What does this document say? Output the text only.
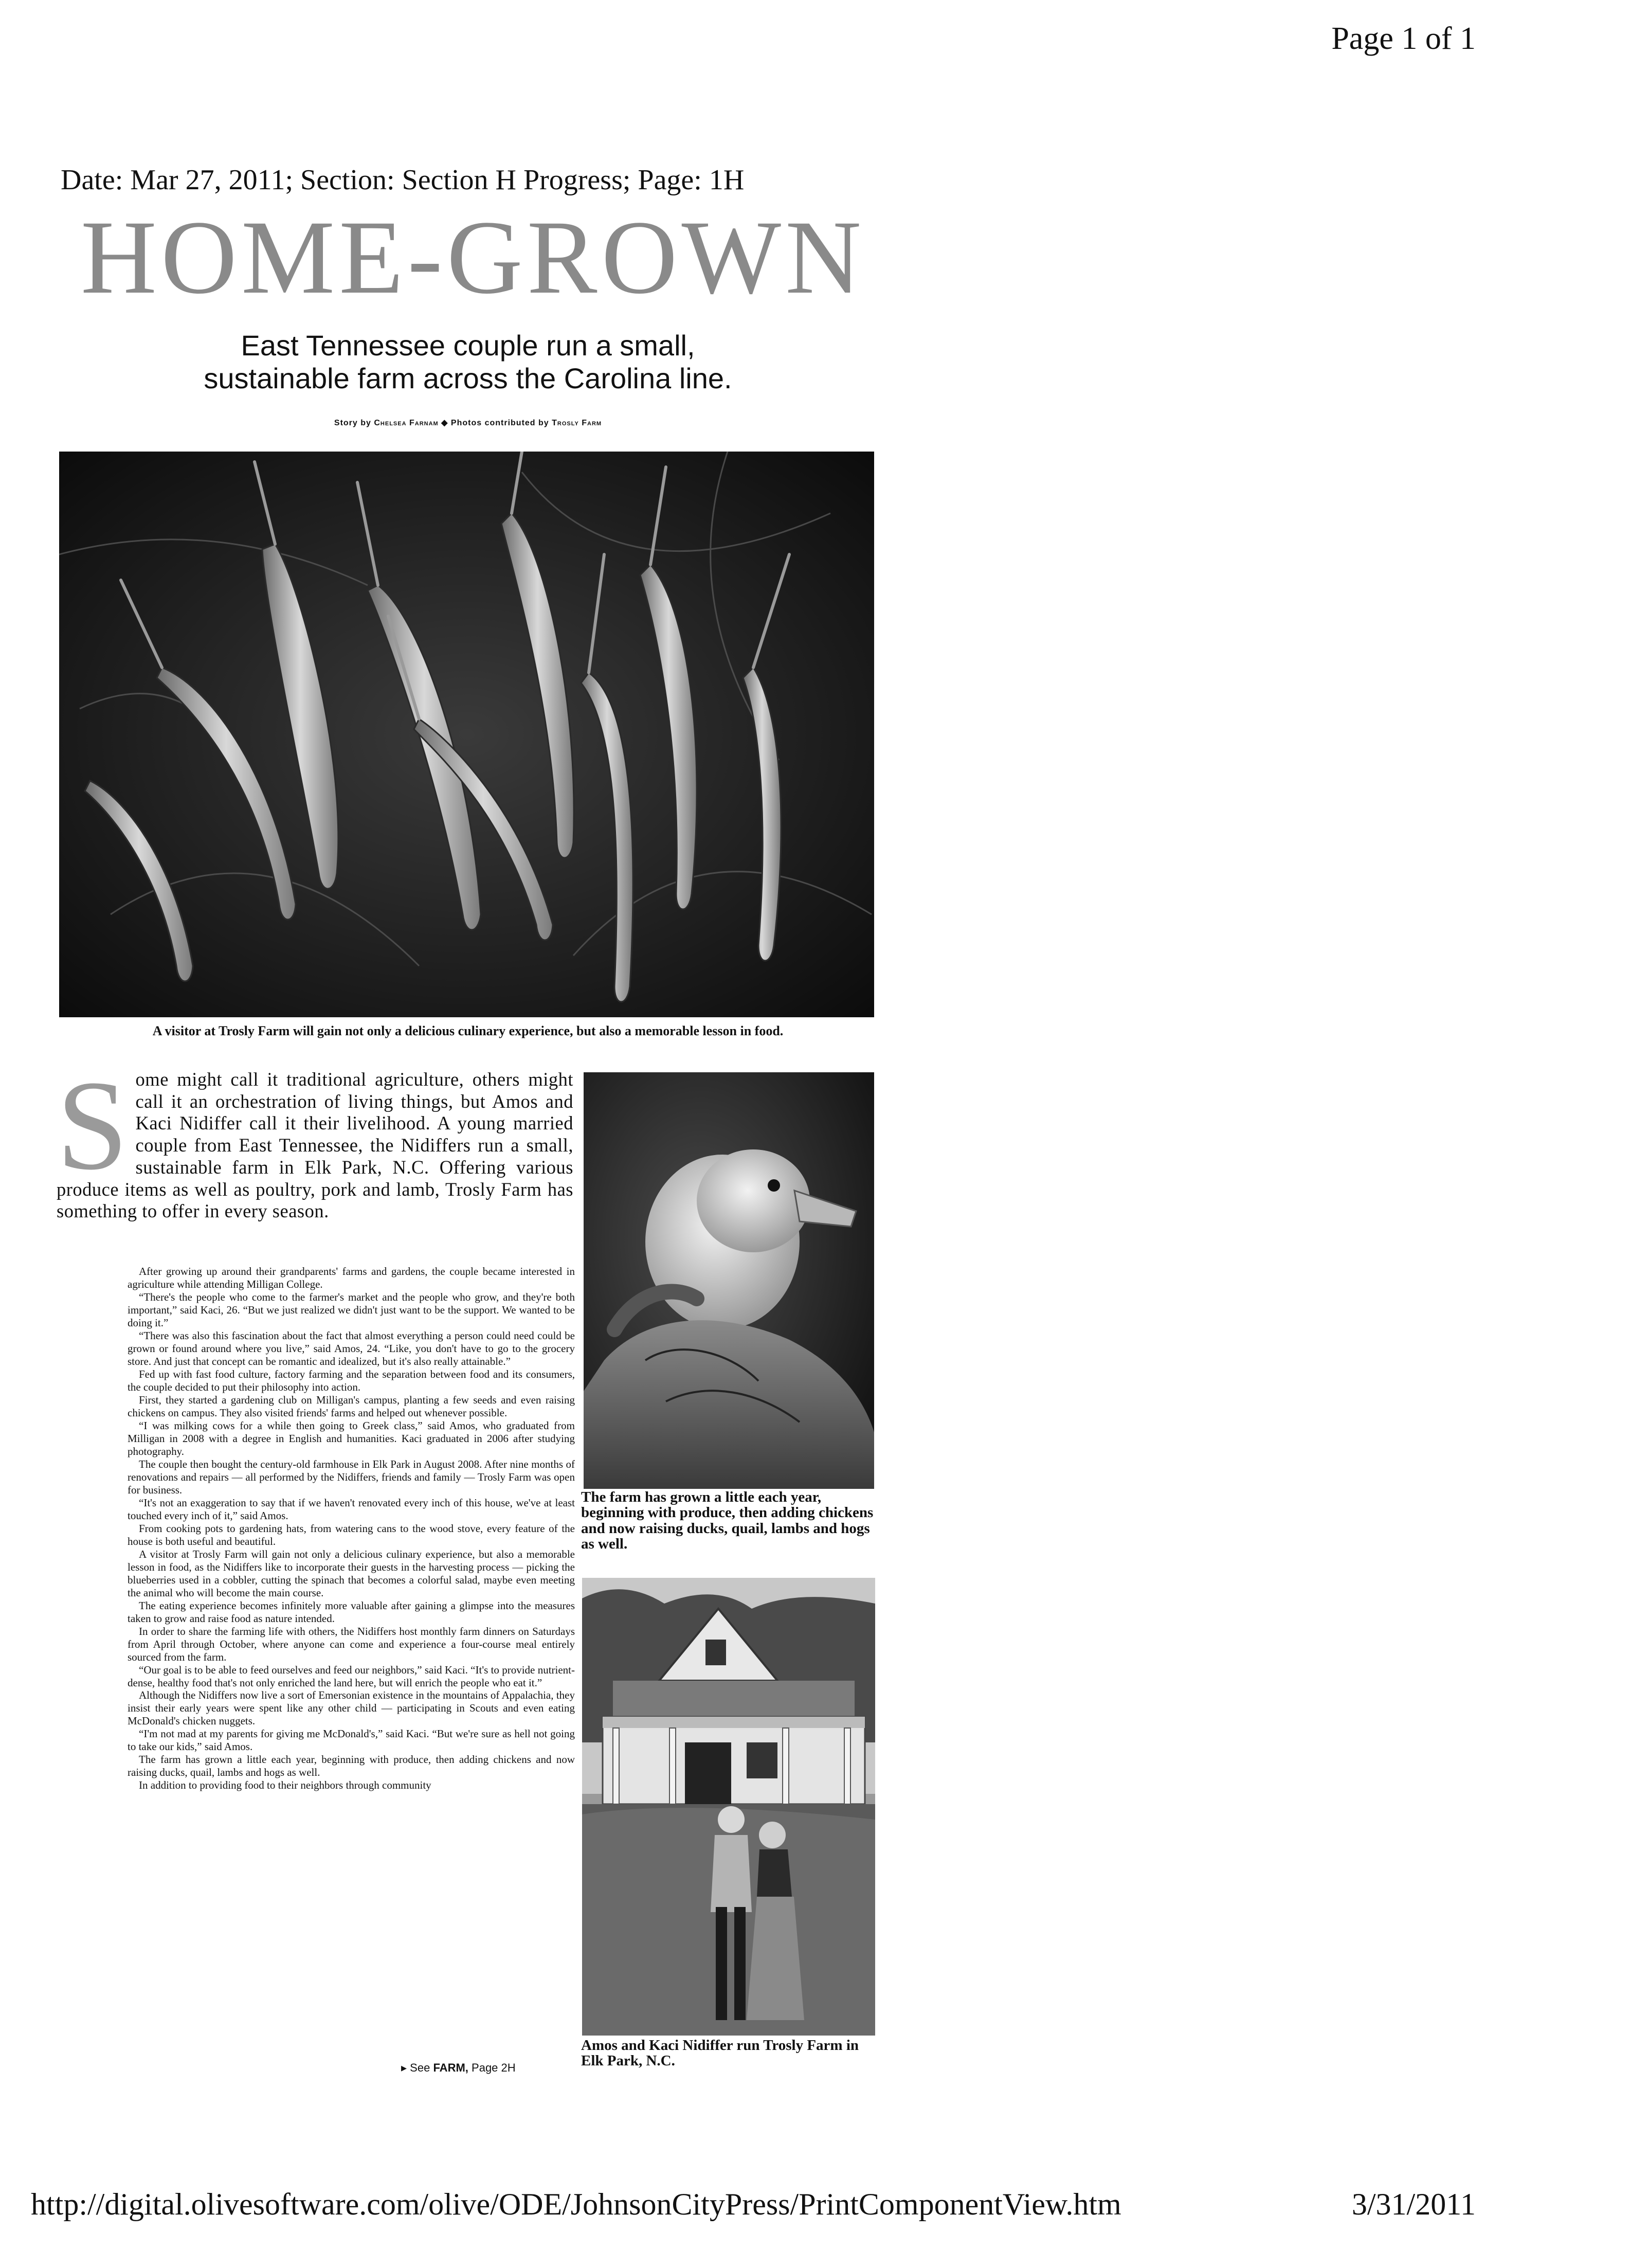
Page 1 of 1
Date: Mar 27, 2011; Section: Section H Progress; Page: 1H
HOME-GROWN
East Tennessee couple run a small,
sustainable farm across the Carolina line.
Story by Chelsea Farnam ◆ Photos contributed by Trosly Farm
A visitor at Trosly Farm will gain not only a delicious culinary experience, but also a memorable lesson in food.
Some might call it traditional agriculture, others might call it an orchestration of living things, but Amos and Kaci Nidiffer call it their livelihood. A young married couple from East Tennessee, the Nidiffers run a small, sustainable farm in Elk Park, N.C. Offering various produce items as well as poultry, pork and lamb, Trosly Farm has something to offer in every season.

After growing up around their grandparents' farms and gardens, the couple became interested in agriculture while attending Milligan College.

“There's the people who come to the farmer's market and the people who grow, and they're both important,” said Kaci, 26. “But we just realized we didn't just want to be the support. We wanted to be doing it.”

“There was also this fascination about the fact that almost everything a person could need could be grown or found around where you live,” said Amos, 24. “Like, you don't have to go to the grocery store. And just that concept can be romantic and idealized, but it's also really attainable.”

Fed up with fast food culture, factory farming and the separation between food and its consumers, the couple decided to put their philosophy into action.

First, they started a gardening club on Milligan's campus, planting a few seeds and even raising chickens on campus. They also visited friends' farms and helped out whenever possible.

“I was milking cows for a while then going to Greek class,” said Amos, who graduated from Milligan in 2008 with a degree in English and humanities. Kaci graduated in 2006 after studying photography.

The couple then bought the century-old farmhouse in Elk Park in August 2008. After nine months of renovations and repairs — all performed by the Nidiffers, friends and family — Trosly Farm was open for business.

“It's not an exaggeration to say that if we haven't renovated every inch of this house, we've at least touched every inch of it,” said Amos.

From cooking pots to gardening hats, from watering cans to the wood stove, every feature of the house is both useful and beautiful.

A visitor at Trosly Farm will gain not only a delicious culinary experience, but also a memorable lesson in food, as the Nidiffers like to incorporate their guests in the harvesting process — picking the blueberries used in a cobbler, cutting the spinach that becomes a colorful salad, maybe even meeting the animal who will become the main course.

The eating experience becomes infinitely more valuable after gaining a glimpse into the measures taken to grow and raise food as nature intended.

In order to share the farming life with others, the Nidiffers host monthly farm dinners on Saturdays from April through October, where anyone can come and experience a four-course meal entirely sourced from the farm.

“Our goal is to be able to feed ourselves and feed our neighbors,” said Kaci. “It's to provide nutrient-dense, healthy food that's not only enriched the land here, but will enrich the people who eat it.”

Although the Nidiffers now live a sort of Emersonian existence in the mountains of Appalachia, they insist their early years were spent like any other child — participating in Scouts and even eating McDonald's chicken nuggets.

“I'm not mad at my parents for giving me McDonald's,” said Kaci. “But we're sure as hell not going to take our kids,” said Amos.

The farm has grown a little each year, beginning with produce, then adding chickens and now raising ducks, quail, lambs and hogs as well.

In addition to providing food to their neighbors through community

▸ See FARM, Page 2H
The farm has grown a little each year, beginning with produce, then adding chickens and now raising ducks, quail, lambs and hogs as well.
Amos and Kaci Nidiffer run Trosly Farm in Elk Park, N.C.
http://digital.olivesoftware.com/olive/ODE/JohnsonCityPress/PrintComponentView.htm	3/31/2011
